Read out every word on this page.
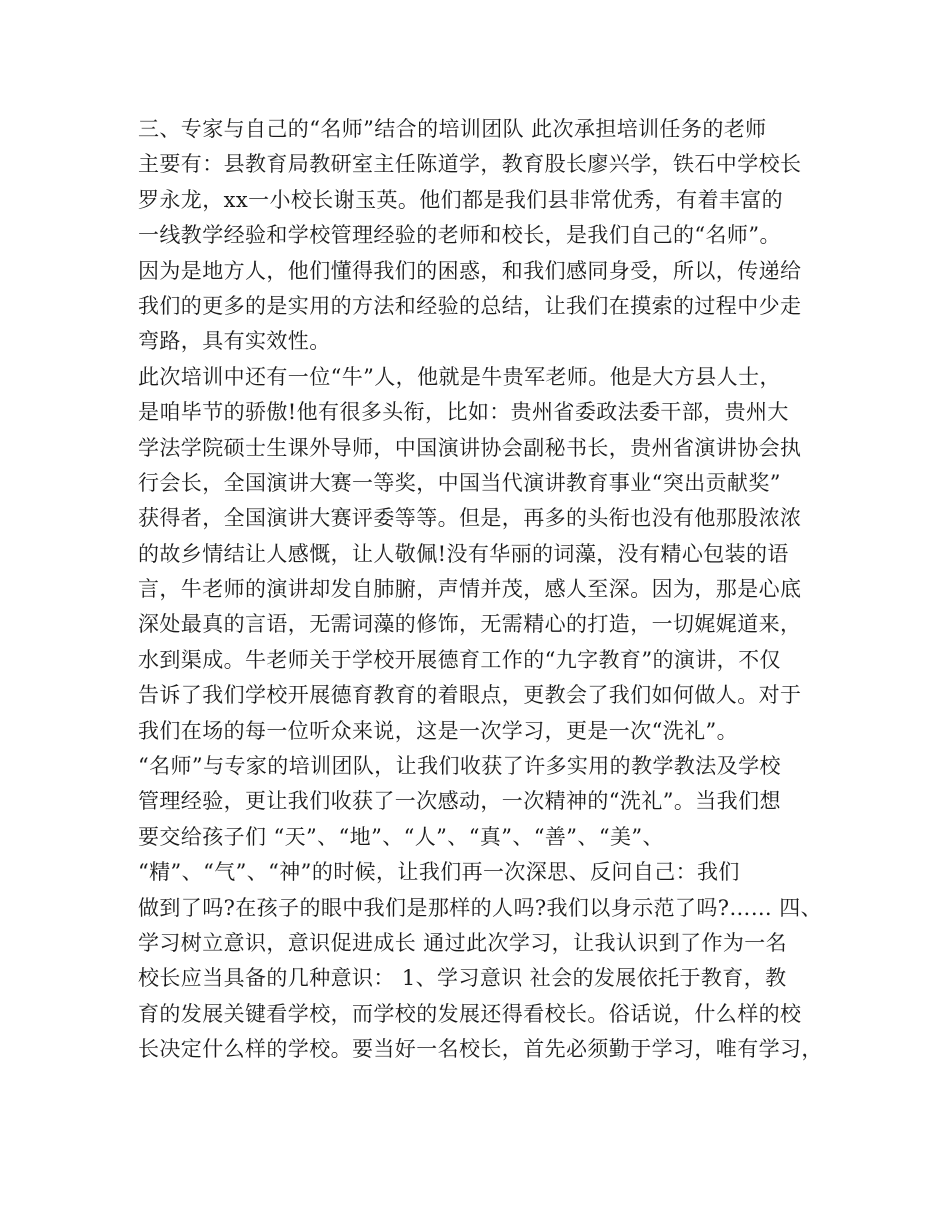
三、专家与自己的“名师”结合的培训团队 此次承担培训任务的老师
主要有：县教育局教研室主任陈道学，教育股长廖兴学，铁石中学校长
罗永龙，xx一小校长谢玉英。他们都是我们县非常优秀，有着丰富的
一线教学经验和学校管理经验的老师和校长，是我们自己的“名师”。
因为是地方人，他们懂得我们的困惑，和我们感同身受，所以，传递给
我们的更多的是实用的方法和经验的总结，让我们在摸索的过程中少走
弯路，具有实效性。
此次培训中还有一位“牛”人，他就是牛贵军老师。他是大方县人士，
是咱毕节的骄傲!他有很多头衔，比如：贵州省委政法委干部，贵州大
学法学院硕士生课外导师，中国演讲协会副秘书长，贵州省演讲协会执
行会长，全国演讲大赛一等奖，中国当代演讲教育事业“突出贡献奖”
获得者，全国演讲大赛评委等等。但是，再多的头衔也没有他那股浓浓
的故乡情结让人感慨，让人敬佩!没有华丽的词藻，没有精心包装的语
言，牛老师的演讲却发自肺腑，声情并茂，感人至深。因为，那是心底
深处最真的言语，无需词藻的修饰，无需精心的打造，一切娓娓道来，
水到渠成。牛老师关于学校开展德育工作的“九字教育”的演讲，不仅
告诉了我们学校开展德育教育的着眼点，更教会了我们如何做人。对于
我们在场的每一位听众来说，这是一次学习，更是一次“洗礼”。
“名师”与专家的培训团队，让我们收获了许多实用的教学教法及学校
管理经验，更让我们收获了一次感动，一次精神的“洗礼”。当我们想
要交给孩子们 “天”、“地”、“人”、“真”、“善”、“美”、
“精”、“气”、“神”的时候，让我们再一次深思、反问自己：我们
做到了吗?在孩子的眼中我们是那样的人吗?我们以身示范了吗?…… 四、
学习树立意识，意识促进成长 通过此次学习，让我认识到了作为一名
校长应当具备的几种意识： 1、学习意识 社会的发展依托于教育，教
育的发展关键看学校，而学校的发展还得看校长。俗话说，什么样的校
长决定什么样的学校。要当好一名校长，首先必须勤于学习，唯有学习，
